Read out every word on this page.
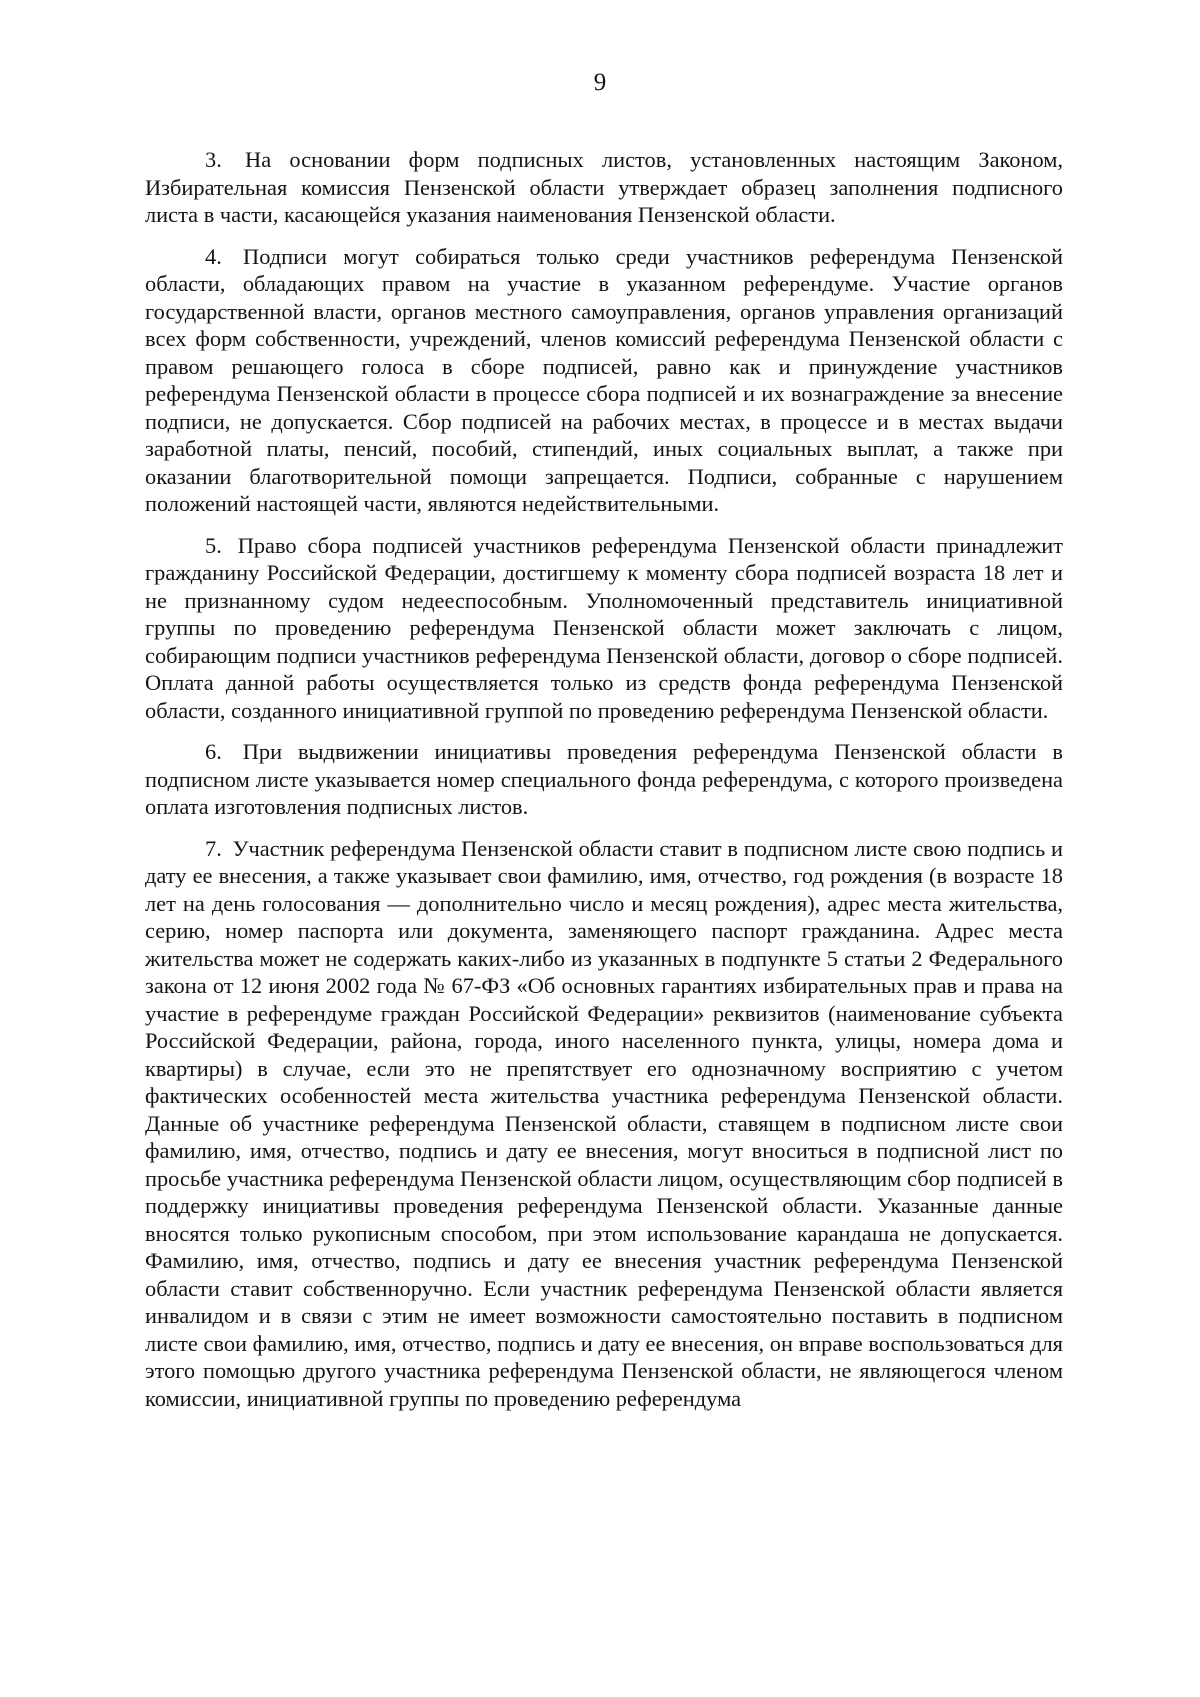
9

3. На основании форм подписных листов, установленных настоящим Законом, Избирательная комиссия Пензенской области утверждает образец заполнения подписного листа в части, касающейся указания наименования Пензенской области.

4. Подписи могут собираться только среди участников референдума Пензенской области, обладающих правом на участие в указанном референдуме. Участие органов государственной власти, органов местного самоуправления, органов управления организаций всех форм собственности, учреждений, членов комиссий референдума Пензенской области с правом решающего голоса в сборе подписей, равно как и принуждение участников референдума Пензенской области в процессе сбора подписей и их вознаграждение за внесение подписи, не допускается. Сбор подписей на рабочих местах, в процессе и в местах выдачи заработной платы, пенсий, пособий, стипендий, иных социальных выплат, а также при оказании благотворительной помощи запрещается. Подписи, собранные с нарушением положений настоящей части, являются недействительными.

5. Право сбора подписей участников референдума Пензенской области принадлежит гражданину Российской Федерации, достигшему к моменту сбора подписей возраста 18 лет и не признанному судом недееспособным. Уполномоченный представитель инициативной группы по проведению референдума Пензенской области может заключать с лицом, собирающим подписи участников референдума Пензенской области, договор о сборе подписей. Оплата данной работы осуществляется только из средств фонда референдума Пензенской области, созданного инициативной группой по проведению референдума Пензенской области.

6. При выдвижении инициативы проведения референдума Пензенской области в подписном листе указывается номер специального фонда референдума, с которого произведена оплата изготовления подписных листов.

7. Участник референдума Пензенской области ставит в подписном листе свою подпись и дату ее внесения, а также указывает свои фамилию, имя, отчество, год рождения (в возрасте 18 лет на день голосования — дополнительно число и месяц рождения), адрес места жительства, серию, номер паспорта или документа, заменяющего паспорт гражданина. Адрес места жительства может не содержать каких-либо из указанных в подпункте 5 статьи 2 Федерального закона от 12 июня 2002 года № 67-ФЗ «Об основных гарантиях избирательных прав и права на участие в референдуме граждан Российской Федерации» реквизитов (наименование субъекта Российской Федерации, района, города, иного населенного пункта, улицы, номера дома и квартиры) в случае, если это не препятствует его однозначному восприятию с учетом фактических особенностей места жительства участника референдума Пензенской области. Данные об участнике референдума Пензенской области, ставящем в подписном листе свои фамилию, имя, отчество, подпись и дату ее внесения, могут вноситься в подписной лист по просьбе участника референдума Пензенской области лицом, осуществляющим сбор подписей в поддержку инициативы проведения референдума Пензенской области. Указанные данные вносятся только рукописным способом, при этом использование карандаша не допускается. Фамилию, имя, отчество, подпись и дату ее внесения участник референдума Пензенской области ставит собственноручно. Если участник референдума Пензенской области является инвалидом и в связи с этим не имеет возможности самостоятельно поставить в подписном листе свои фамилию, имя, отчество, подпись и дату ее внесения, он вправе воспользоваться для этого помощью другого участника референдума Пензенской области, не являющегося членом комиссии, инициативной группы по проведению референдума
